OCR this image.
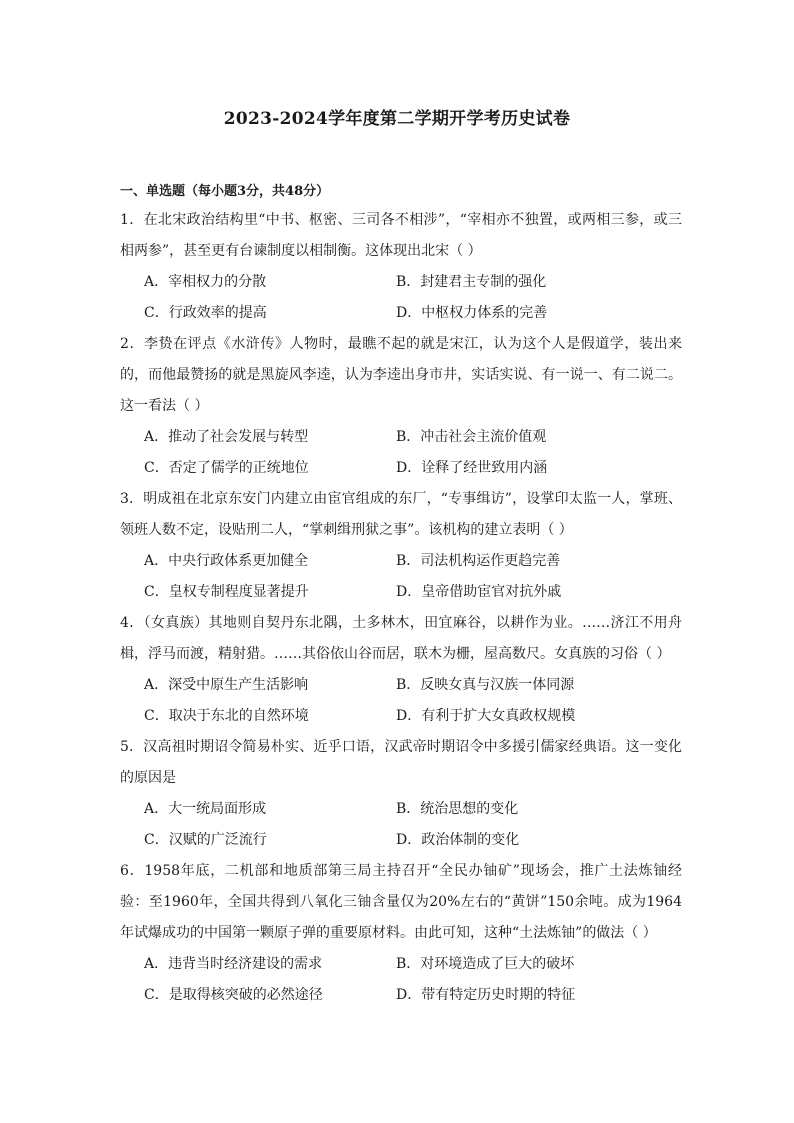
2023-2024学年度第二学期开学考历史试卷
一、单选题（每小题3分，共48分）

1．在北宋政治结构里“中书、枢密、三司各不相涉”，“宰相亦不独置，或两相三参，或三相两参”，甚至更有台谏制度以相制衡。这体现出北宋（ ）

A．宰相权力的分散	B．封建君主专制的强化
C．行政效率的提高	D．中枢权力体系的完善

2．李贽在评点《水浒传》人物时，最瞧不起的就是宋江，认为这个人是假道学，装出来的，而他最赞扬的就是黑旋风李逵，认为李逵出身市井，实话实说、有一说一、有二说二。这一看法（ ）

A．推动了社会发展与转型	B．冲击社会主流价值观
C．否定了儒学的正统地位	D．诠释了经世致用内涵

3．明成祖在北京东安门内建立由宦官组成的东厂，“专事缉访”，设掌印太监一人，掌班、领班人数不定，设贴刑二人，“掌刺缉刑狱之事”。该机构的建立表明（ ）

A．中央行政体系更加健全	B．司法机构运作更趋完善
C．皇权专制程度显著提升	D．皇帝借助宦官对抗外戚

4．（女真族）其地则自契丹东北隅，土多林木，田宜麻谷，以耕作为业。……济江不用舟楫，浮马而渡，精射猎。……其俗依山谷而居，联木为栅，屋高数尺。女真族的习俗（ ）

A．深受中原生产生活影响	B．反映女真与汉族一体同源
C．取决于东北的自然环境	D．有利于扩大女真政权规模

5．汉高祖时期诏令简易朴实、近乎口语，汉武帝时期诏令中多援引儒家经典语。这一变化的原因是

A．大一统局面形成	B．统治思想的变化
C．汉赋的广泛流行	D．政治体制的变化

6．1958年底，二机部和地质部第三局主持召开“全民办铀矿”现场会，推广土法炼铀经验：至1960年，全国共得到八氧化三铀含量仅为20%左右的“黄饼”150余吨。成为1964年试爆成功的中国第一颗原子弹的重要原材料。由此可知，这种“土法炼铀”的做法（ ）

A．违背当时经济建设的需求	B．对环境造成了巨大的破坏
C．是取得核突破的必然途径	D．带有特定历史时期的特征
